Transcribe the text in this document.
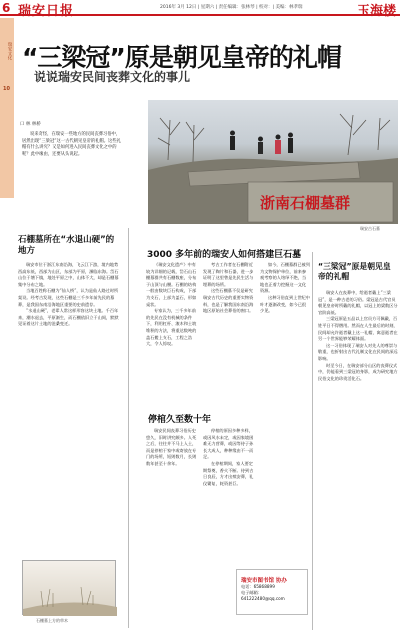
6 瑞安日报	2016年 3月 12日 | 星期六 | 责任编辑：张林琴 | 校对：| 美编：林孝瑞	玉海楼
瑞安文化
10
“三梁冠”原是朝见皇帝的礼帽
说说瑞安民间丧葬文化的事儿
口 林 林桥
说来奇怪，在瑞安一些地方的民间丧葬习俗中，居然出现“三梁冠”这一古代朝见皇帝的礼帽。这些礼帽有什么讲究？又是如何进入民间丧葬文化之中的呢？此中缘由，还要从头说起。
浙南石棚墓群
瑞安古石墓
石棚墓所在“水退山硬”的地方

瑞安市位于浙江东南沿海，飞云江下游，境内地势西高东低，西部为山区，东部为平原，濒临东海。岱石山位于塘下镇，地处平原之中，山体不大，却是石棚墓集中分布之地。

当地百姓称石棚为“仙人桥”，认为是仙人路过时所架设。经考古发现，这些石棚是三千多年前先民的墓葬，是我国东南沿海地区重要的史前遗存。

“水退山硬”，老辈人常这样形容这块土地。千百年来，潮水退去，平原渐生，而石棚依旧立于山间，默默见证着这片土地的沧桑变迁。

石棚墓上方的草木
3000 多年前的瑞安人如何搭建巨石墓

《瑞安文化遗产》中有较为详细的记载，岱石山石棚墓群共有石棚数座，分布于山顶与山腰。石棚的结构一般由数块巨石构成，下部为支石，上部为盖石，形如桌状。

专家认为，三千多年前的先民在没有机械的条件下，利用杠杆、滚木和土坡堆积的方法，将重达数吨的盖石搬上支石，工程之浩大，令人惊叹。

考古工作者在石棚附近发现了陶片和石器，进一步证明了这里曾是先民生活与埋葬的场所。

这些石棚墓不仅是研究瑞安古代历史的重要实物资料，也是了解我国东南沿海地区原始社会葬俗的窗口。

如今，石棚墓群已被列为文物保护单位，前来参观考察的人络绎不绝，当地也正着力挖掘这一文化资源。

这种习俗直到上世纪中叶才逐渐改变，如今已很少见。

停棺久至数十年

瑞安民间丧葬习俗历史悠久，旧时讲究颇多。人死之后，往往并不马上入土，而是停棺于家中或寄放在专门的场所，短则数月，长则数年甚至十余年。

停棺的原因多种多样，或因风水未定，或因家境困难无力营葬，或因等待子孙长大成人，种种缘由不一而足。

在停棺期间，家人要定期祭奠，香火不断。待到吉日良辰，方才出殡安葬，礼仪繁复，耗资甚巨。

“三梁冠”原是朝见皇帝的礼帽

瑞安人在丧葬中，给逝者戴上“三梁冠”，是一种古老的习俗。梁冠是古代官员朝见皇帝时所戴的礼帽，以冠上的梁数区分官阶高低。

三梁冠原是五品以上官员方可佩戴，百姓平日不得僭用。然而在人生最后的时刻，民间却允许逝者戴上这一礼帽，寓意逝者在另一个世界能够荣耀体面。

这一习俗体现了瑞安人对先人的尊崇与敬重，也折射出古代礼制文化在民间的深远影响。

时至今日，在瑞安部分山区的丧葬仪式中，仍能看到三梁冠的身影，成为研究地方民俗文化的珍贵活化石。

瑞安市图书馆 协办
电话：65868899
电子邮箱：641222480@qq.com
